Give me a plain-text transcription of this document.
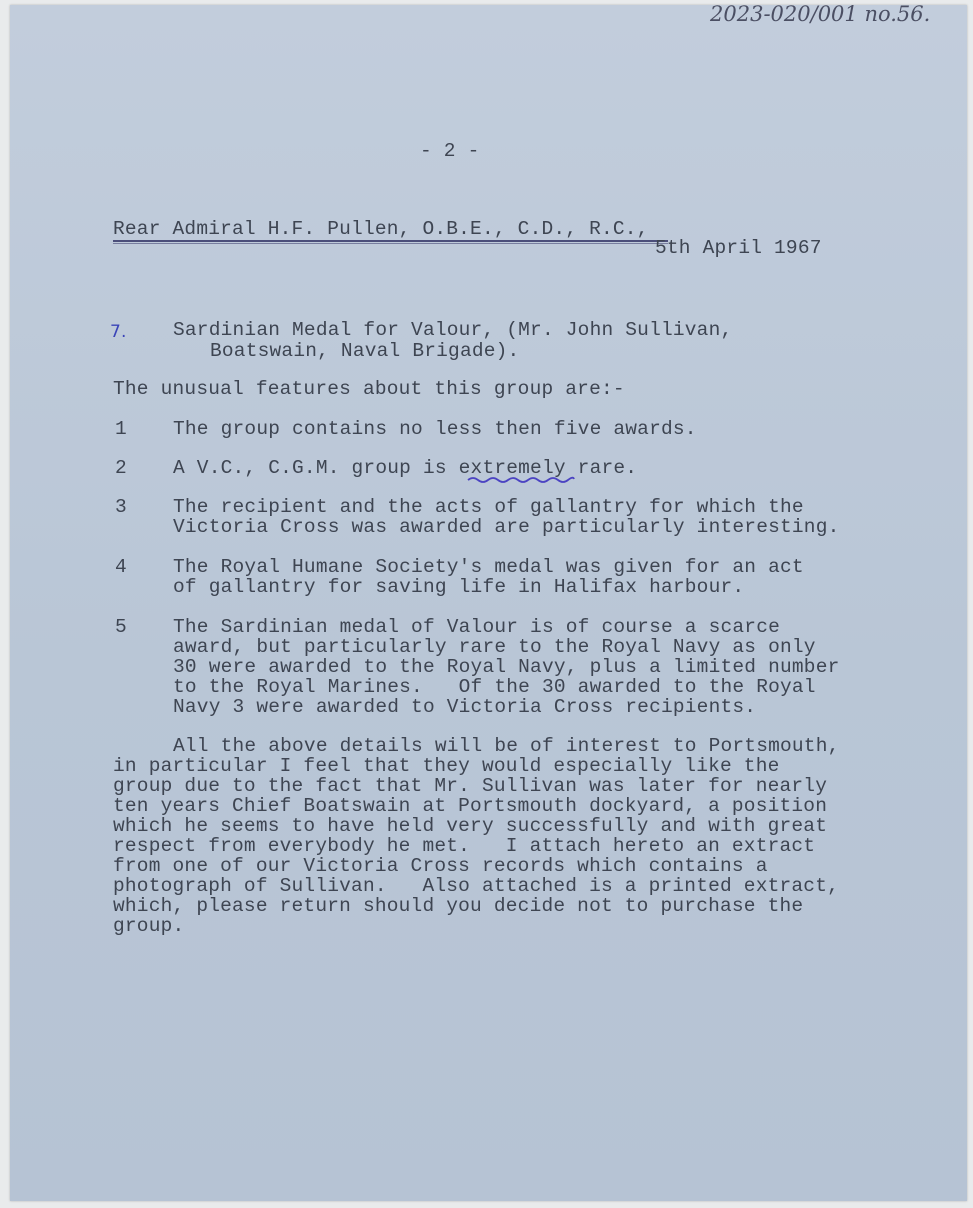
2023-020/001 no.56.
- 2 -
Rear Admiral H.F. Pullen, O.B.E., C.D., R.C.,
5th April 1967
7. Sardinian Medal for Valour, (Mr. John Sullivan,
Boatswain, Naval Brigade).
The unusual features about this group are:-
1 The group contains no less then five awards.
2 A V.C., C.G.M. group is extremely rare.
3 The recipient and the acts of gallantry for which the
Victoria Cross was awarded are particularly interesting.
4 The Royal Humane Society's medal was given for an act
of gallantry for saving life in Halifax harbour.
5 The Sardinian medal of Valour is of course a scarce
award, but particularly rare to the Royal Navy as only
30 were awarded to the Royal Navy, plus a limited number
to the Royal Marines.   Of the 30 awarded to the Royal
Navy 3 were awarded to Victoria Cross recipients.
All the above details will be of interest to Portsmouth,
in particular I feel that they would especially like the
group due to the fact that Mr. Sullivan was later for nearly
ten years Chief Boatswain at Portsmouth dockyard, a position
which he seems to have held very successfully and with great
respect from everybody he met.   I attach hereto an extract
from one of our Victoria Cross records which contains a
photograph of Sullivan.   Also attached is a printed extract,
which, please return should you decide not to purchase the
group.
